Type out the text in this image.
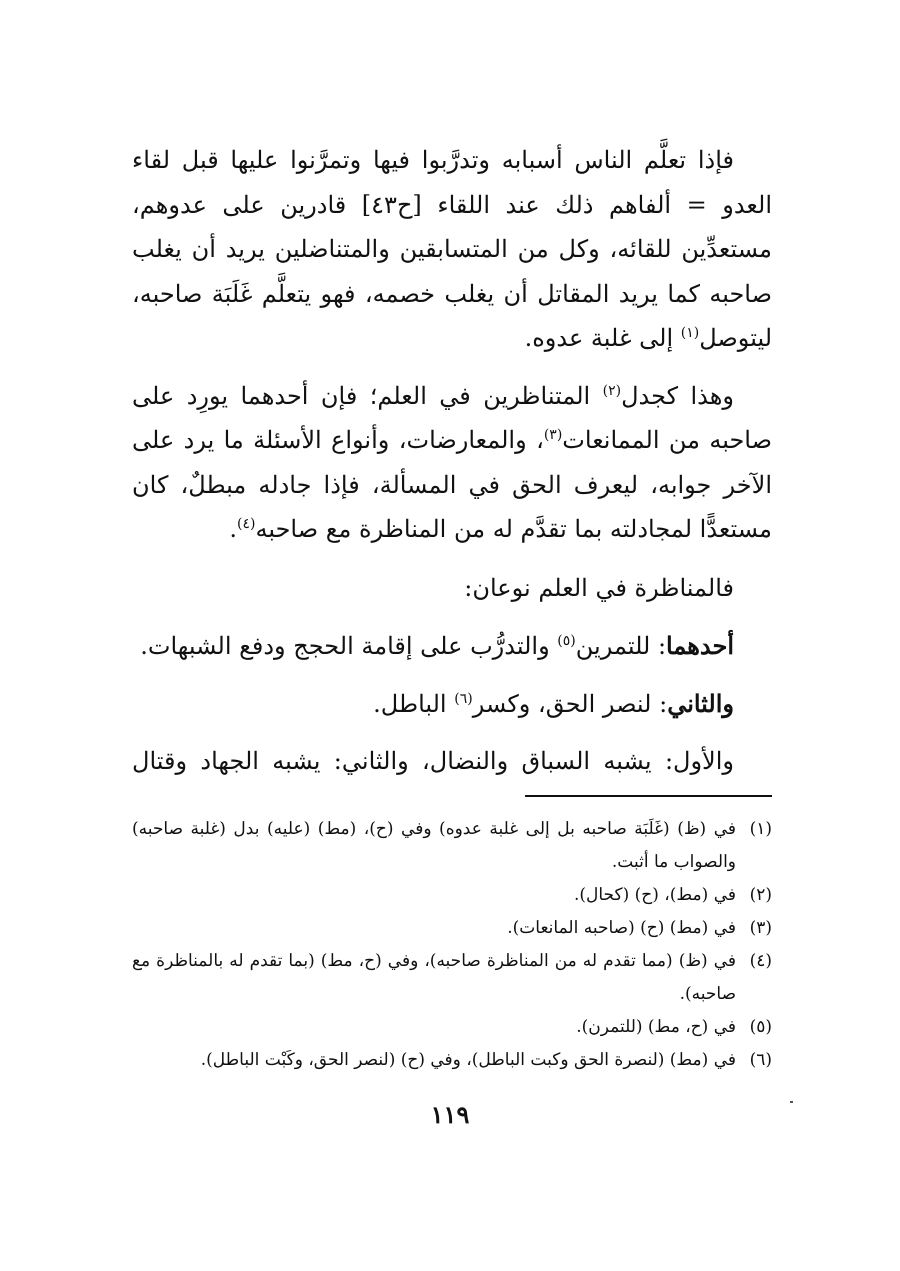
فإذا تعلَّم الناس أسبابه وتدرَّبوا فيها وتمرَّنوا عليها قبل لقاء العدو = ألفاهم ذلك عند اللقاء [ح٤٣] قادرين على عدوهم، مستعدِّين للقائه، وكل من المتسابقين والمتناضلين يريد أن يغلب صاحبه كما يريد المقاتل أن يغلب خصمه، فهو يتعلَّم غَلَبَة صاحبه، ليتوصل$^{(١)}$ إلى غلبة عدوه.

وهذا كجدل$^{(٢)}$ المتناظرين في العلم؛ فإن أحدهما يورِد على صاحبه من الممانعات$^{(٣)}$، والمعارضات، وأنواع الأسئلة ما يرد على الآخر جوابه، ليعرف الحق في المسألة، فإذا جادله مبطلٌ، كان مستعدًّا لمجادلته بما تقدَّم له من المناظرة مع صاحبه$^{(٤)}$.

فالمناظرة في العلم نوعان:
أحدهما: للتمرين$^{(٥)}$ والتدرُّب على إقامة الحجج ودفع الشبهات.
والثاني: لنصر الحق، وكسر$^{(٦)}$ الباطل.

والأول: يشبه السباق والنضال، والثاني: يشبه الجهاد وقتال

(١)
في (ظ) (غَلَبَة صاحبه بل إلى غلبة عدوه) وفي (ح)، (مط) (عليه) بدل (غلبة صاحبه) والصواب ما أثبت.
(٢)
في (مط)، (ح) (كحال).
(٣)
في (مط) (ح) (صاحبه المانعات).
(٤)
في (ظ) (مما تقدم له من المناظرة صاحبه)، وفي (ح، مط) (بما تقدم له بالمناظرة مع صاحبه).
(٥)
في (ح، مط) (للتمرن).
(٦)
في (مط) (لنصرة الحق وكبت الباطل)، وفي (ح) (لنصر الحق، وكَبْت الباطل).
١١٩
